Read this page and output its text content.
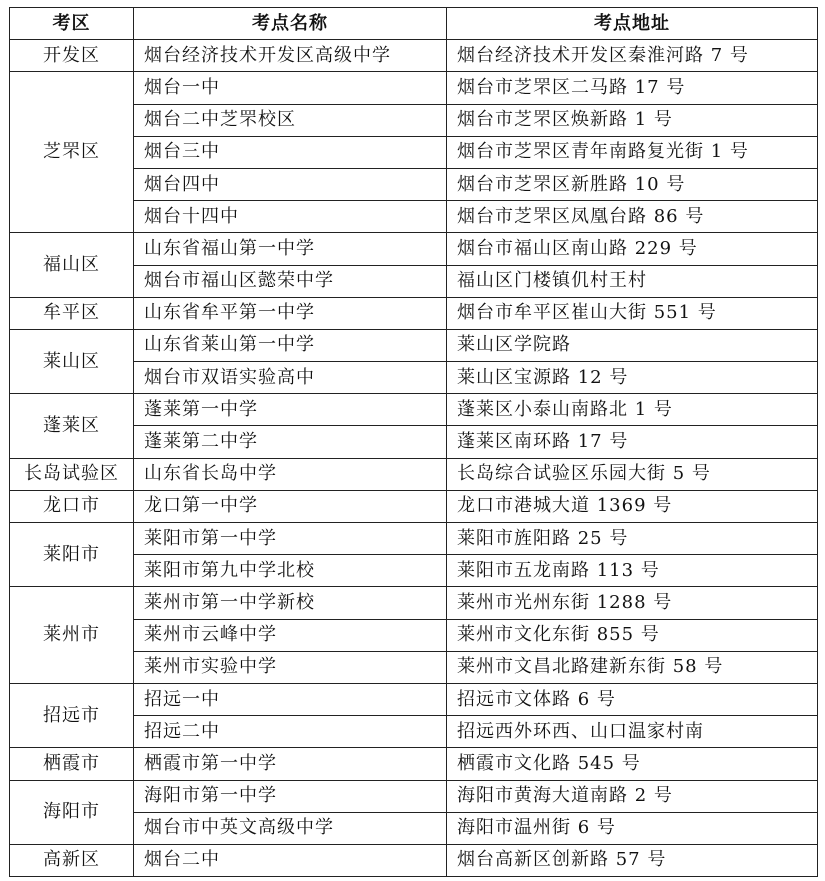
考区	考点名称	考点地址
开发区	烟台经济技术开发区高级中学	烟台经济技术开发区秦淮河路 7 号
芝罘区	烟台一中	烟台市芝罘区二马路 17 号
	烟台二中芝罘校区	烟台市芝罘区焕新路 1 号
	烟台三中	烟台市芝罘区青年南路复光街 1 号
	烟台四中	烟台市芝罘区新胜路 10 号
	烟台十四中	烟台市芝罘区凤凰台路 86 号
福山区	山东省福山第一中学	烟台市福山区南山路 229 号
	烟台市福山区懿荣中学	福山区门楼镇仉村王村
牟平区	山东省牟平第一中学	烟台市牟平区崔山大街 551 号
莱山区	山东省莱山第一中学	莱山区学院路
	烟台市双语实验高中	莱山区宝源路 12 号
蓬莱区	蓬莱第一中学	蓬莱区小泰山南路北 1 号
	蓬莱第二中学	蓬莱区南环路 17 号
长岛试验区	山东省长岛中学	长岛综合试验区乐园大街 5 号
龙口市	龙口第一中学	龙口市港城大道 1369 号
莱阳市	莱阳市第一中学	莱阳市旌阳路 25 号
	莱阳市第九中学北校	莱阳市五龙南路 113 号
莱州市	莱州市第一中学新校	莱州市光州东街 1288 号
	莱州市云峰中学	莱州市文化东街 855 号
	莱州市实验中学	莱州市文昌北路建新东街 58 号
招远市	招远一中	招远市文体路 6 号
	招远二中	招远西外环西、山口温家村南
栖霞市	栖霞市第一中学	栖霞市文化路 545 号
海阳市	海阳市第一中学	海阳市黄海大道南路 2 号
	烟台市中英文高级中学	海阳市温州街 6 号
高新区	烟台二中	烟台高新区创新路 57 号
